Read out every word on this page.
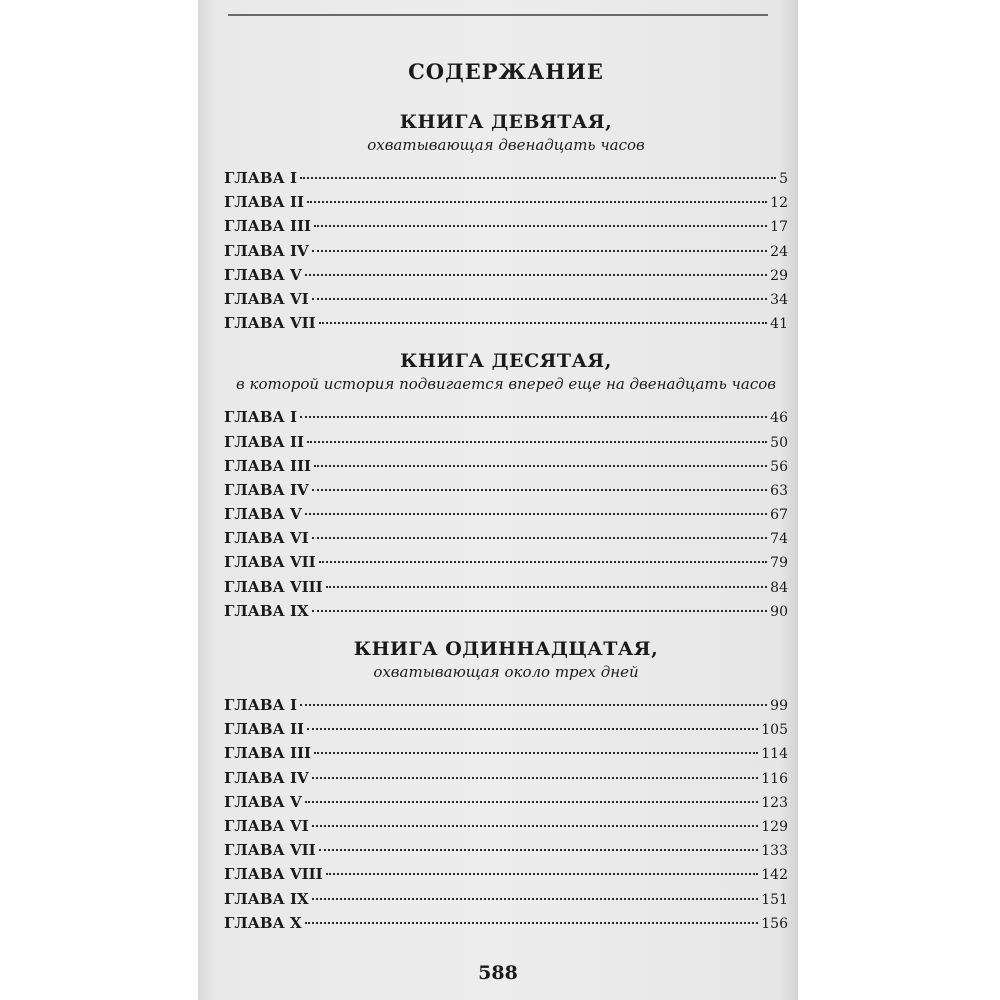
СОДЕРЖАНИЕ
КНИГА ДЕВЯТАЯ,
охватывающая двенадцать часов
ГЛАВА I	5
ГЛАВА II	12
ГЛАВА III	17
ГЛАВА IV	24
ГЛАВА V	29
ГЛАВА VI	34
ГЛАВА VII	41
КНИГА ДЕСЯТАЯ,
в которой история подвигается вперед еще на двенадцать часов
ГЛАВА I	46
ГЛАВА II	50
ГЛАВА III	56
ГЛАВА IV	63
ГЛАВА V	67
ГЛАВА VI	74
ГЛАВА VII	79
ГЛАВА VIII	84
ГЛАВА IX	90
КНИГА ОДИННАДЦАТАЯ,
охватывающая около трех дней
ГЛАВА I	99
ГЛАВА II	105
ГЛАВА III	114
ГЛАВА IV	116
ГЛАВА V	123
ГЛАВА VI	129
ГЛАВА VII	133
ГЛАВА VIII	142
ГЛАВА IX	151
ГЛАВА X	156
588
